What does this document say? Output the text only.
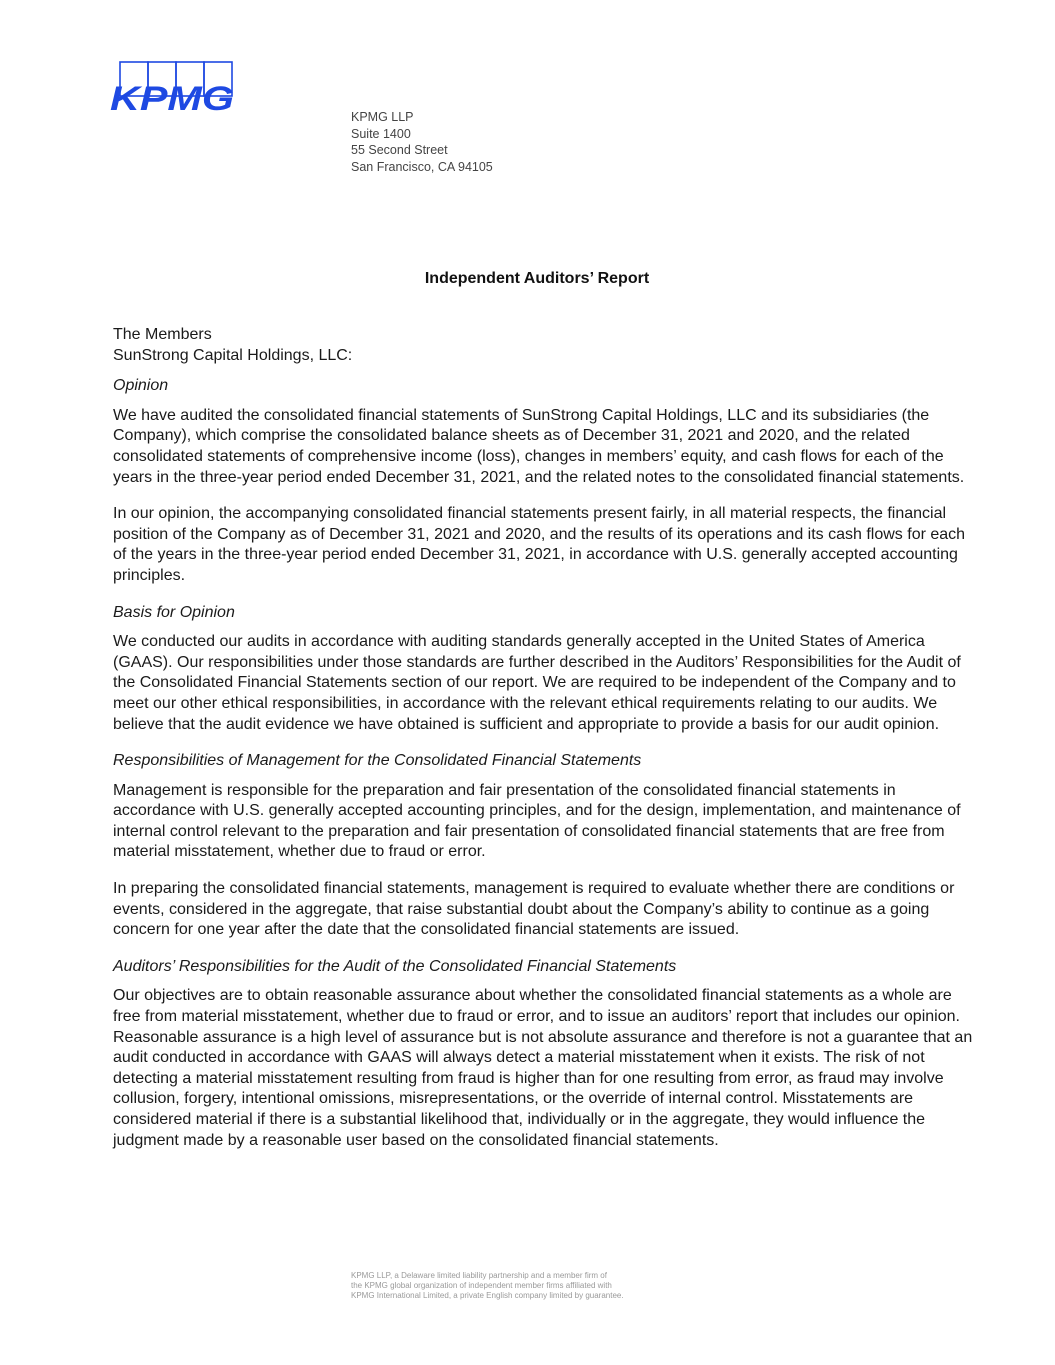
KPMG	KPMG LLP
Suite 1400
55 Second Street
San Francisco, CA 94105
Independent Auditors’ Report
The Members
SunStrong Capital Holdings, LLC:
Opinion

We have audited the consolidated financial statements of SunStrong Capital Holdings, LLC and its subsidiaries (the Company), which comprise the consolidated balance sheets as of December 31, 2021 and 2020, and the related consolidated statements of comprehensive income (loss), changes in members’ equity, and cash flows for each of the years in the three-year period ended December 31, 2021, and the related notes to the consolidated financial statements.

In our opinion, the accompanying consolidated financial statements present fairly, in all material respects, the financial position of the Company as of December 31, 2021 and 2020, and the results of its operations and its cash flows for each of the years in the three-year period ended December 31, 2021, in accordance with U.S. generally accepted accounting principles.

Basis for Opinion

We conducted our audits in accordance with auditing standards generally accepted in the United States of America (GAAS). Our responsibilities under those standards are further described in the Auditors’ Responsibilities for the Audit of the Consolidated Financial Statements section of our report. We are required to be independent of the Company and to meet our other ethical responsibilities, in accordance with the relevant ethical requirements relating to our audits. We believe that the audit evidence we have obtained is sufficient and appropriate to provide a basis for our audit opinion.

Responsibilities of Management for the Consolidated Financial Statements

Management is responsible for the preparation and fair presentation of the consolidated financial statements in accordance with U.S. generally accepted accounting principles, and for the design, implementation, and maintenance of internal control relevant to the preparation and fair presentation of consolidated financial statements that are free from material misstatement, whether due to fraud or error.

In preparing the consolidated financial statements, management is required to evaluate whether there are conditions or events, considered in the aggregate, that raise substantial doubt about the Company’s ability to continue as a going concern for one year after the date that the consolidated financial statements are issued.

Auditors’ Responsibilities for the Audit of the Consolidated Financial Statements

Our objectives are to obtain reasonable assurance about whether the consolidated financial statements as a whole are free from material misstatement, whether due to fraud or error, and to issue an auditors’ report that includes our opinion. Reasonable assurance is a high level of assurance but is not absolute assurance and therefore is not a guarantee that an audit conducted in accordance with GAAS will always detect a material misstatement when it exists. The risk of not detecting a material misstatement resulting from fraud is higher than for one resulting from error, as fraud may involve collusion, forgery, intentional omissions, misrepresentations, or the override of internal control. Misstatements are considered material if there is a substantial likelihood that, individually or in the aggregate, they would influence the judgment made by a reasonable user based on the consolidated financial statements.

KPMG LLP, a Delaware limited liability partnership and a member firm of
the KPMG global organization of independent member firms affiliated with
KPMG International Limited, a private English company limited by guarantee.
